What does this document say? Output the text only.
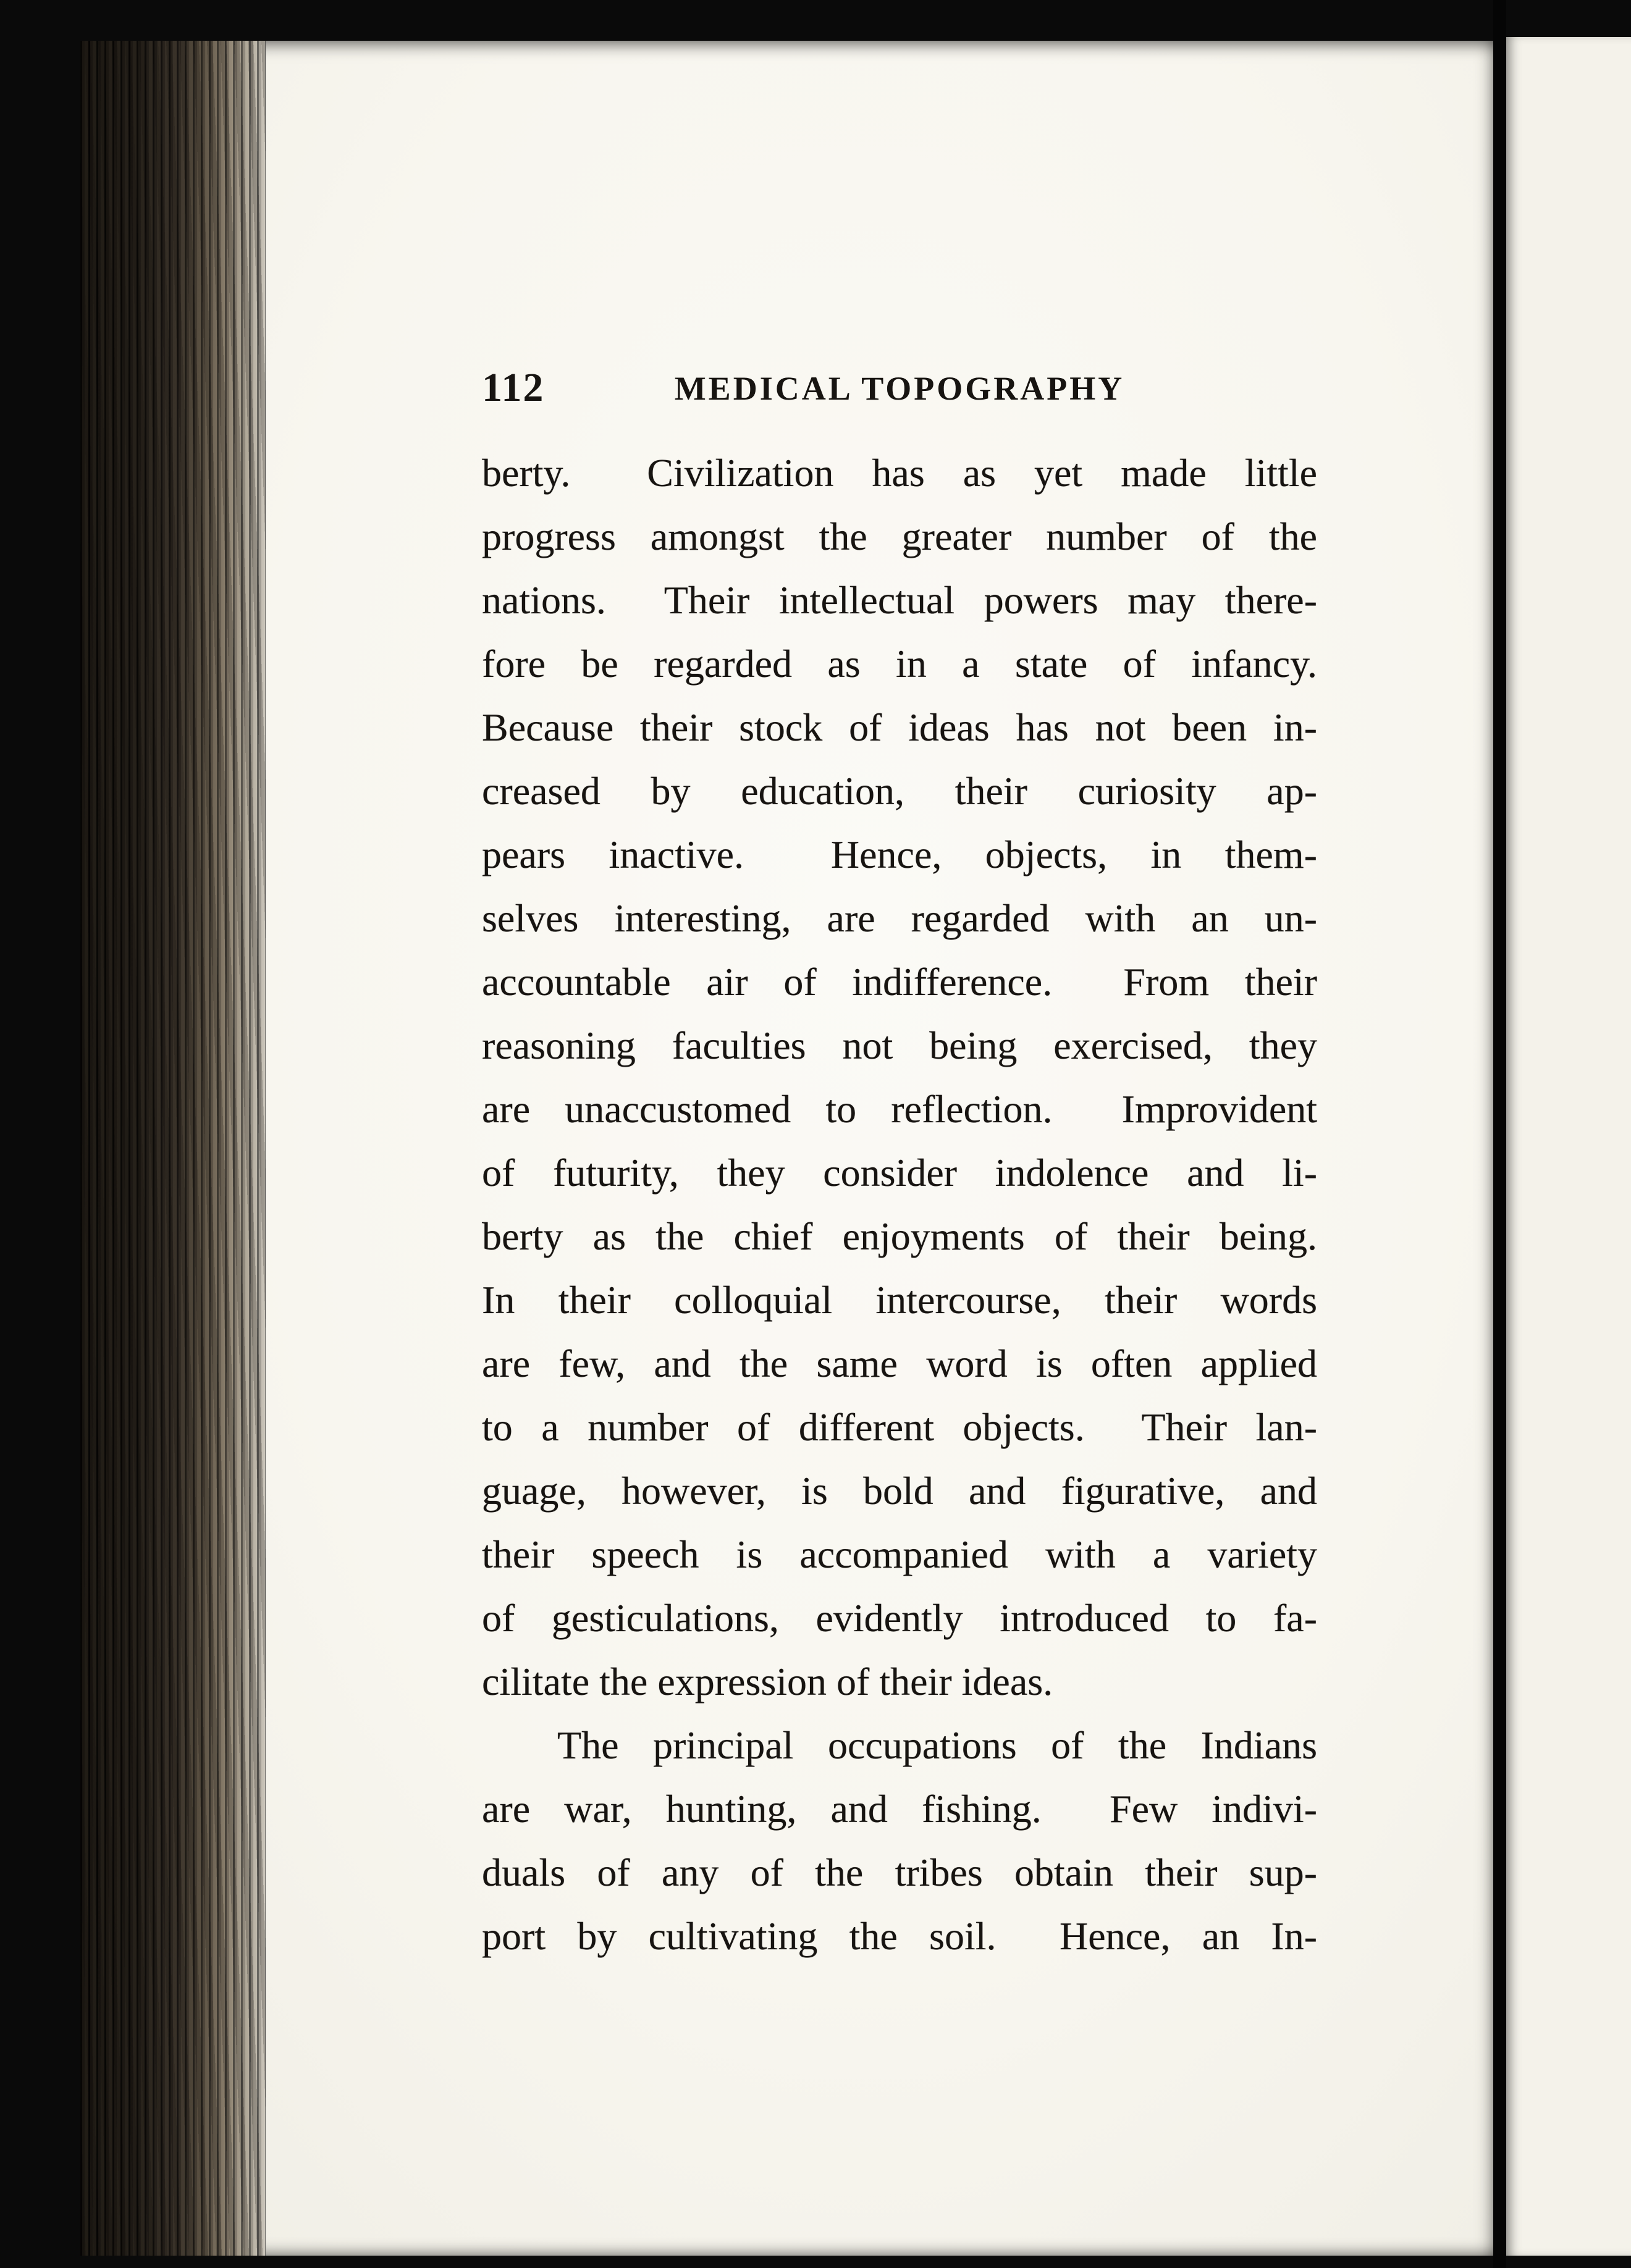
112	MEDICAL TOPOGRAPHY
berty.  Civilization has as yet made little
progress amongst the greater number of the
nations.  Their intellectual powers may there-
fore be regarded as in a state of infancy.
Because their stock of ideas has not been in-
creased by education, their curiosity ap-
pears inactive.  Hence, objects, in them-
selves interesting, are regarded with an un-
accountable air of indifference.  From their
reasoning faculties not being exercised, they
are unaccustomed to reflection.  Improvident
of futurity, they consider indolence and li-
berty as the chief enjoyments of their being.
In their colloquial intercourse, their words
are few, and the same word is often applied
to a number of different objects.  Their lan-
guage, however, is bold and figurative, and
their speech is accompanied with a variety
of gesticulations, evidently introduced to fa-
cilitate the expression of their ideas.
The principal occupations of the Indians
are war, hunting, and fishing.  Few indivi-
duals of any of the tribes obtain their sup-
port by cultivating the soil.  Hence, an In-
